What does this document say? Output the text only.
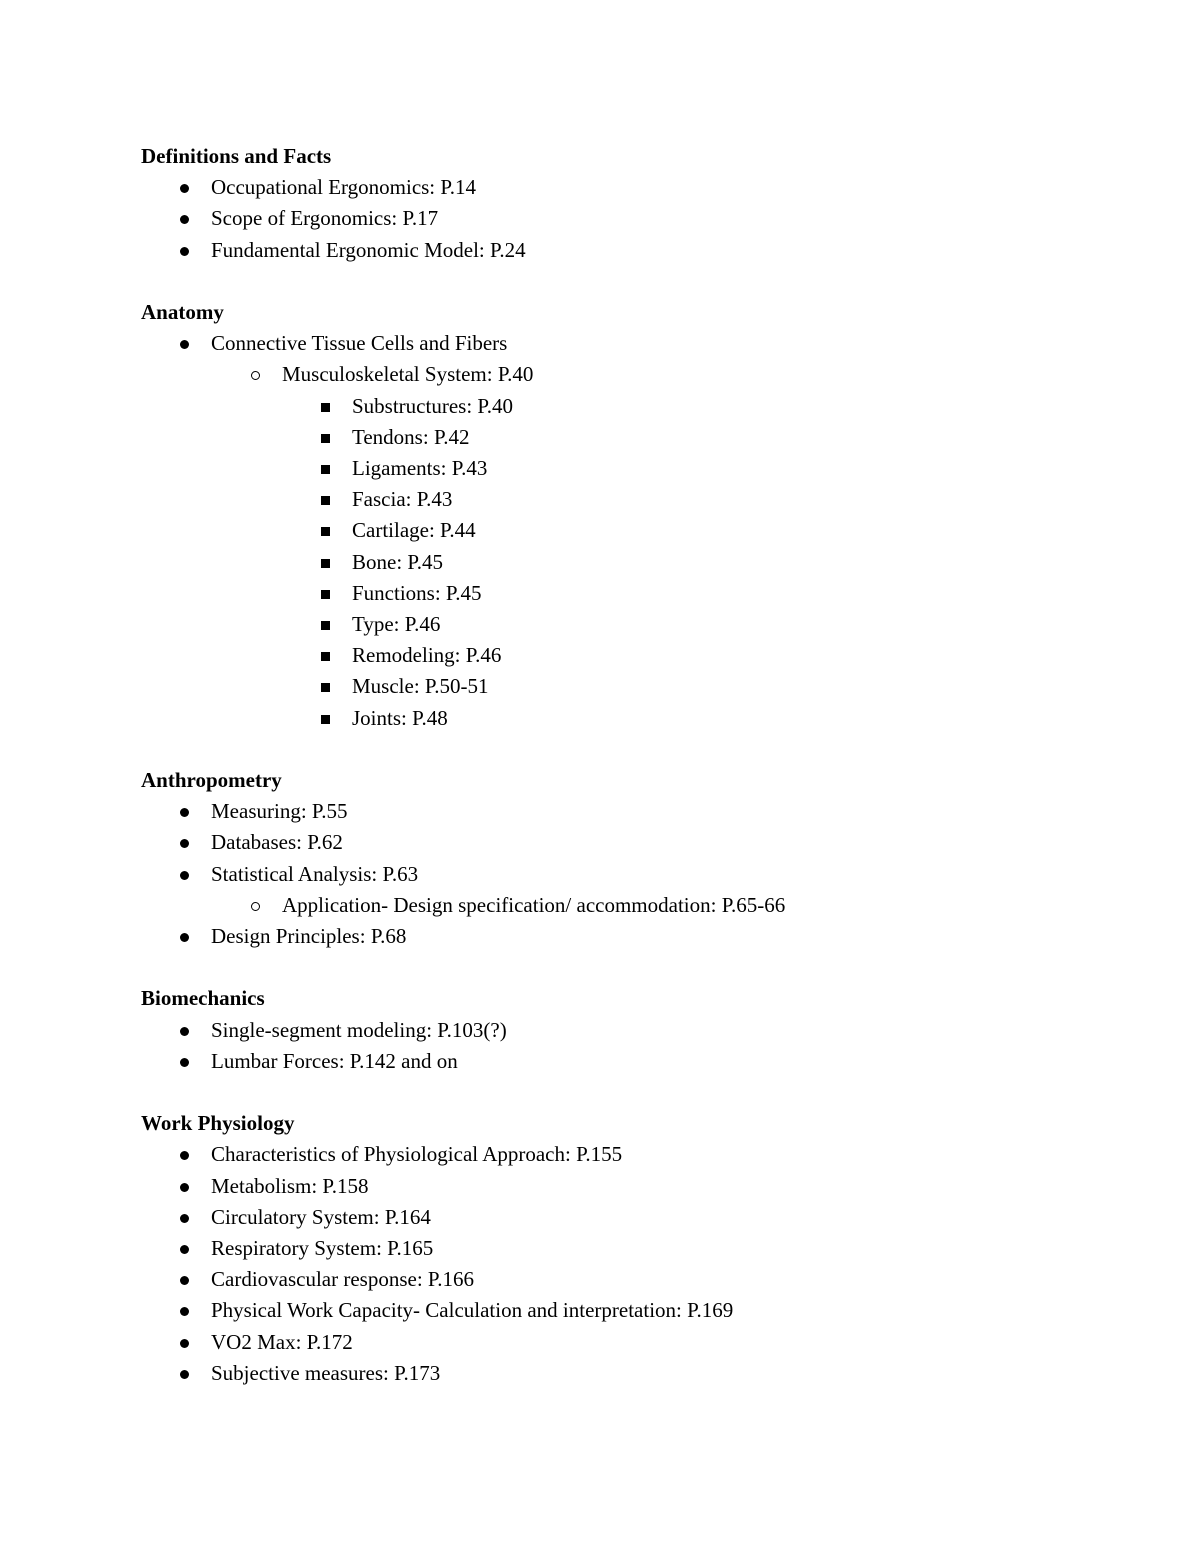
Definitions and Facts
Occupational Ergonomics: P.14
Scope of Ergonomics: P.17
Fundamental Ergonomic Model: P.24
Anatomy
Connective Tissue Cells and Fibers
Musculoskeletal System: P.40
Substructures: P.40
Tendons: P.42
Ligaments: P.43
Fascia: P.43
Cartilage: P.44
Bone: P.45
Functions: P.45
Type: P.46
Remodeling: P.46
Muscle: P.50-51
Joints: P.48
Anthropometry
Measuring: P.55
Databases: P.62
Statistical Analysis: P.63
Application- Design specification/ accommodation: P.65-66
Design Principles: P.68
Biomechanics
Single-segment modeling: P.103(?)
Lumbar Forces: P.142 and on
Work Physiology
Characteristics of Physiological Approach: P.155
Metabolism: P.158
Circulatory System: P.164
Respiratory System: P.165
Cardiovascular response: P.166
Physical Work Capacity- Calculation and interpretation: P.169
VO2 Max: P.172
Subjective measures: P.173
